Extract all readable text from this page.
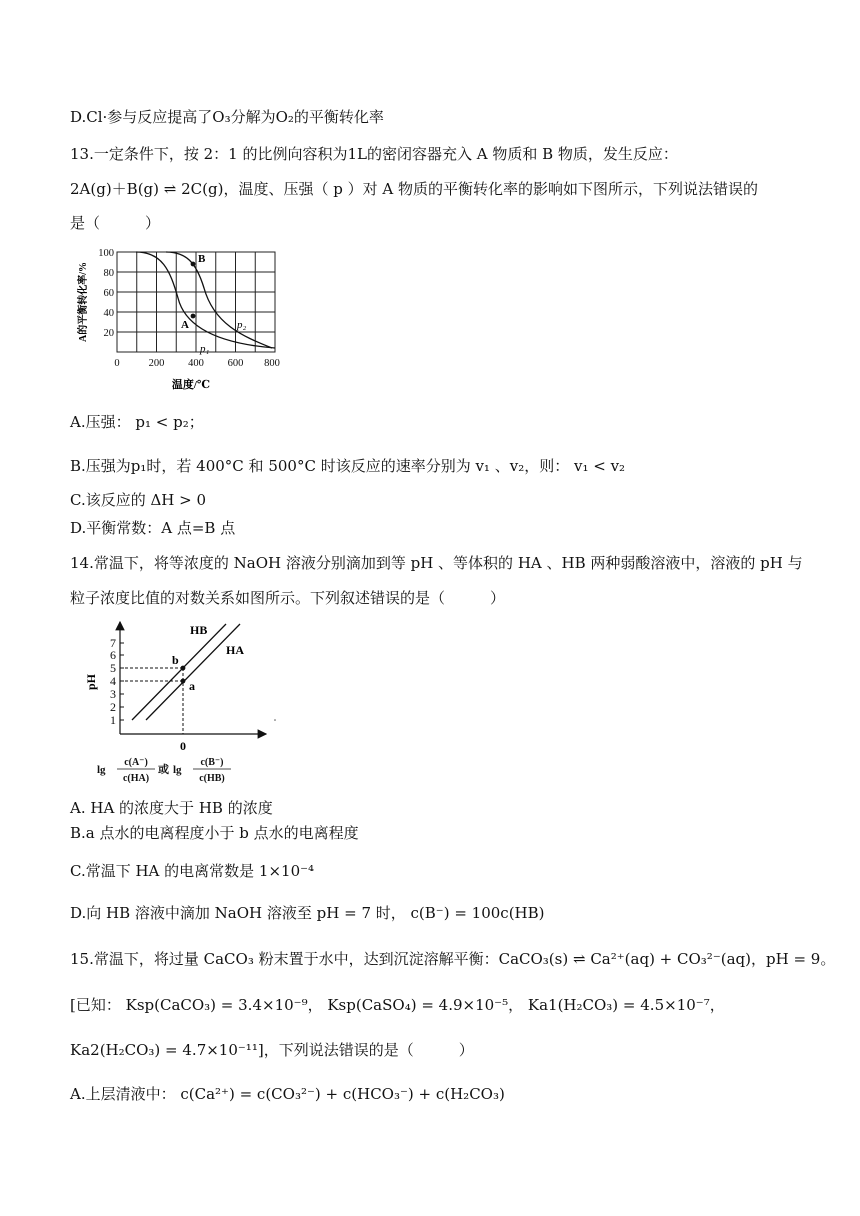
D.Cl·参与反应提高了O₃分解为O₂的平衡转化率
13.一定条件下，按 2：1 的比例向容积为1L的密闭容器充入 A 物质和 B 物质，发生反应：
2A(g)＋B(g) ⇌ 2C(g)，温度、压强（ p ）对 A 物质的平衡转化率的影响如下图所示，下列说法错误的
是（　　　）
B
A
p₁
p₂
100
80
60
40
20
0	200 400 600 800
温度/℃
A的平衡转化率/%
A.压强： p₁ < p₂；
B.压强为p₁时，若 400°C 和 500°C 时该反应的速率分别为 v₁ 、v₂，则： v₁ < v₂
C.该反应的 ΔH > 0
D.平衡常数：A 点=B 点
14.常温下，将等浓度的 NaOH 溶液分别滴加到等 pH 、等体积的 HA 、HB 两种弱酸溶液中，溶液的 pH 与
粒子浓度比值的对数关系如图所示。下列叙述错误的是（　　　）
7
6
5
4
3
2
1
pH
b
a
HB
HA
0
lg
c(A⁻)
c(HA)
或 lg
c(B⁻)
c(HB)
A. HA 的浓度大于 HB 的浓度
B.a 点水的电离程度小于 b 点水的电离程度
C.常温下 HA 的电离常数是 1×10⁻⁴
D.向 HB 溶液中滴加 NaOH 溶液至 pH = 7 时， c(B⁻) = 100c(HB)
15.常温下，将过量 CaCO₃ 粉末置于水中，达到沉淀溶解平衡：CaCO₃(s) ⇌ Ca²⁺(aq) + CO₃²⁻(aq)，pH = 9。
[已知： Ksp(CaCO₃) = 3.4×10⁻⁹， Ksp(CaSO₄) = 4.9×10⁻⁵， Ka1(H₂CO₃) = 4.5×10⁻⁷，
Ka2(H₂CO₃) = 4.7×10⁻¹¹]，下列说法错误的是（　　　）
A.上层清液中： c(Ca²⁺) = c(CO₃²⁻) + c(HCO₃⁻) + c(H₂CO₃)
